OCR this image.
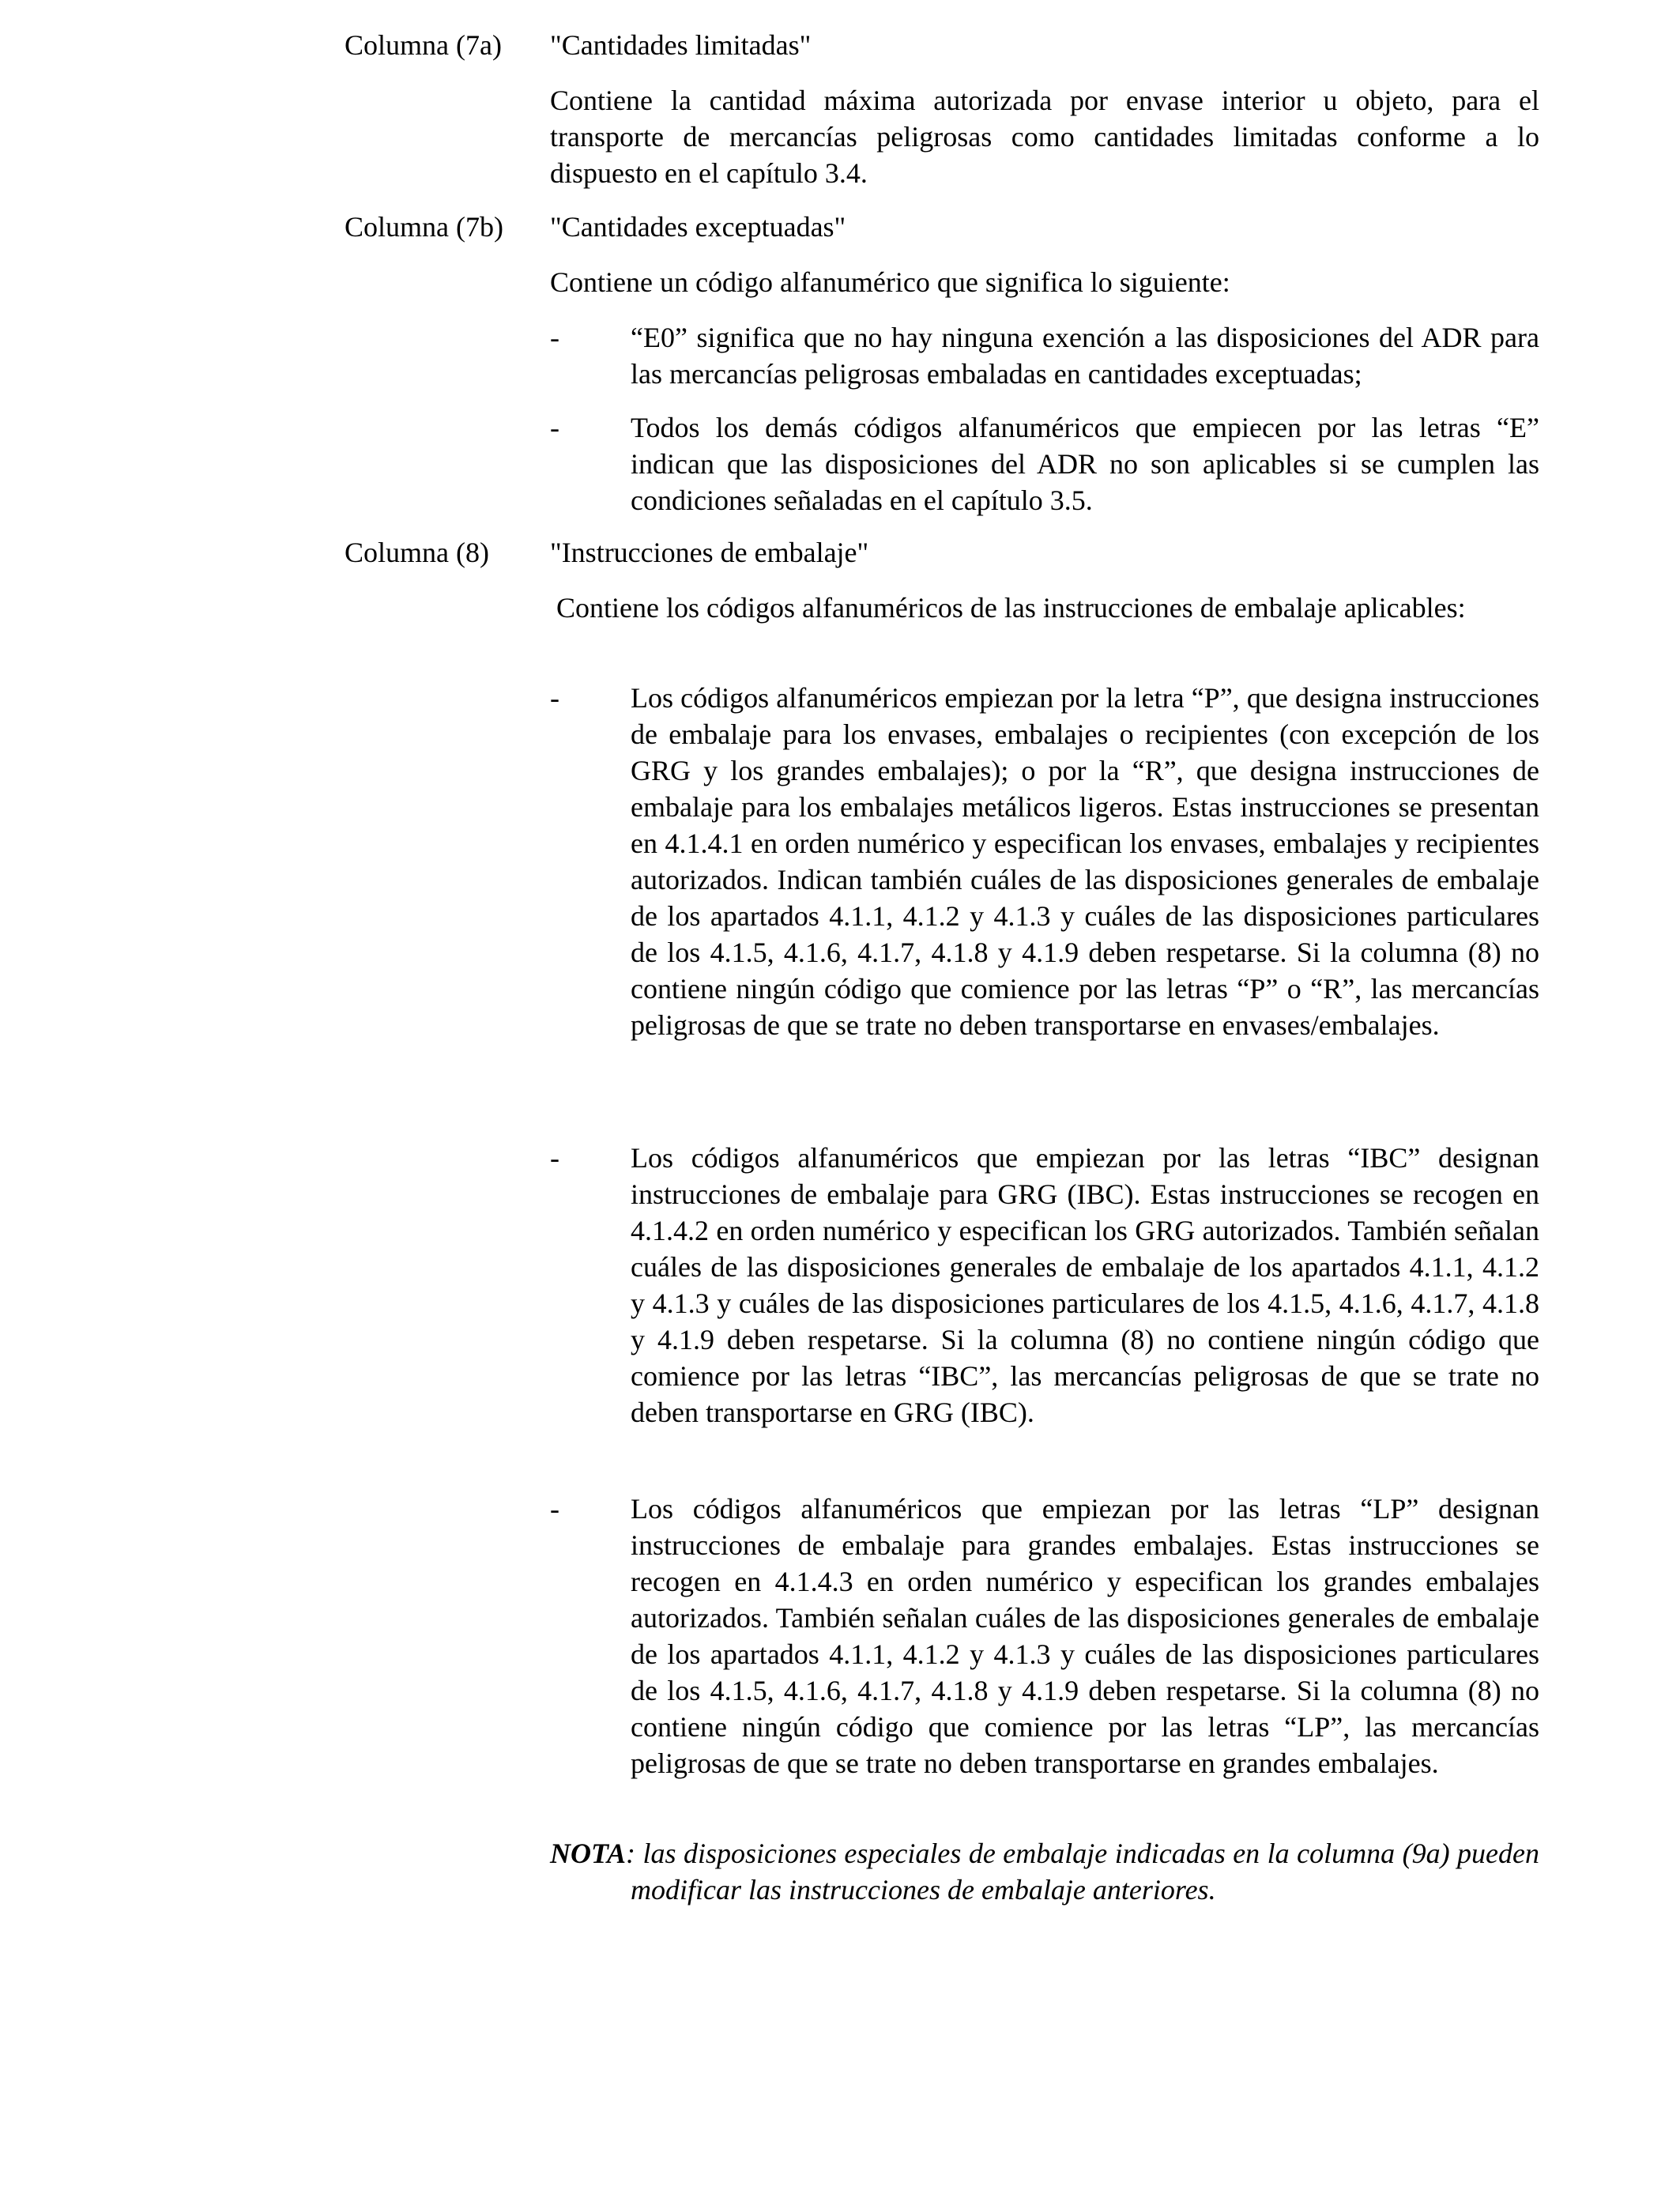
Columna (7a)	"Cantidades limitadas"
Contiene la cantidad máxima autorizada por envase interior u objeto, para el transporte de mercancías peligrosas como cantidades limitadas conforme a lo dispuesto en el capítulo 3.4.
Columna (7b)	"Cantidades exceptuadas"
Contiene un código alfanumérico que significa lo siguiente:
-	“E0” significa que no hay ninguna exención a las disposiciones del ADR para las mercancías peligrosas embaladas en cantidades exceptuadas;
-	Todos los demás códigos alfanuméricos que empiecen por las letras “E” indican que las disposiciones del ADR no son aplicables si se cumplen las condiciones señaladas en el capítulo 3.5.
Columna (8)	"Instrucciones de embalaje"
Contiene los códigos alfanuméricos de las instrucciones de embalaje aplicables:
-	Los códigos alfanuméricos empiezan por la letra “P”, que designa instrucciones de embalaje para los envases, embalajes o recipientes (con excepción de los GRG y los grandes embalajes); o por la “R”, que designa instrucciones de embalaje para los embalajes metálicos ligeros. Estas instrucciones se presentan en 4.1.4.1 en orden numérico y especifican los envases, embalajes y recipientes autorizados. Indican también cuáles de las disposiciones generales de embalaje de los apartados 4.1.1, 4.1.2 y 4.1.3 y cuáles de las disposiciones particulares de los 4.1.5, 4.1.6, 4.1.7, 4.1.8 y 4.1.9 deben respetarse. Si la columna (8) no contiene ningún código que comience por las letras “P” o “R”, las mercancías peligrosas de que se trate no deben transportarse en envases/embalajes.
-	Los códigos alfanuméricos que empiezan por las letras “IBC” designan instrucciones de embalaje para GRG (IBC). Estas instrucciones se recogen en 4.1.4.2 en orden numérico y especifican los GRG autorizados. También señalan cuáles de las disposiciones generales de embalaje de los apartados 4.1.1, 4.1.2 y 4.1.3 y cuáles de las disposiciones particulares de los 4.1.5, 4.1.6, 4.1.7, 4.1.8 y 4.1.9 deben respetarse. Si la columna (8) no contiene ningún código que comience por las letras “IBC”, las mercancías peligrosas de que se trate no deben transportarse en GRG (IBC).
-	Los códigos alfanuméricos que empiezan por las letras “LP” designan instrucciones de embalaje para grandes embalajes. Estas instrucciones se recogen en 4.1.4.3 en orden numérico y especifican los grandes embalajes autorizados. También señalan cuáles de las disposiciones generales de embalaje de los apartados 4.1.1, 4.1.2 y 4.1.3 y cuáles de las disposiciones particulares de los 4.1.5, 4.1.6, 4.1.7, 4.1.8 y 4.1.9 deben respetarse. Si la columna (8) no contiene ningún código que comience por las letras “LP”, las mercancías peligrosas de que se trate no deben transportarse en grandes embalajes.
NOTA: las disposiciones especiales de embalaje indicadas en la columna (9a) pueden modificar las instrucciones de embalaje anteriores.
